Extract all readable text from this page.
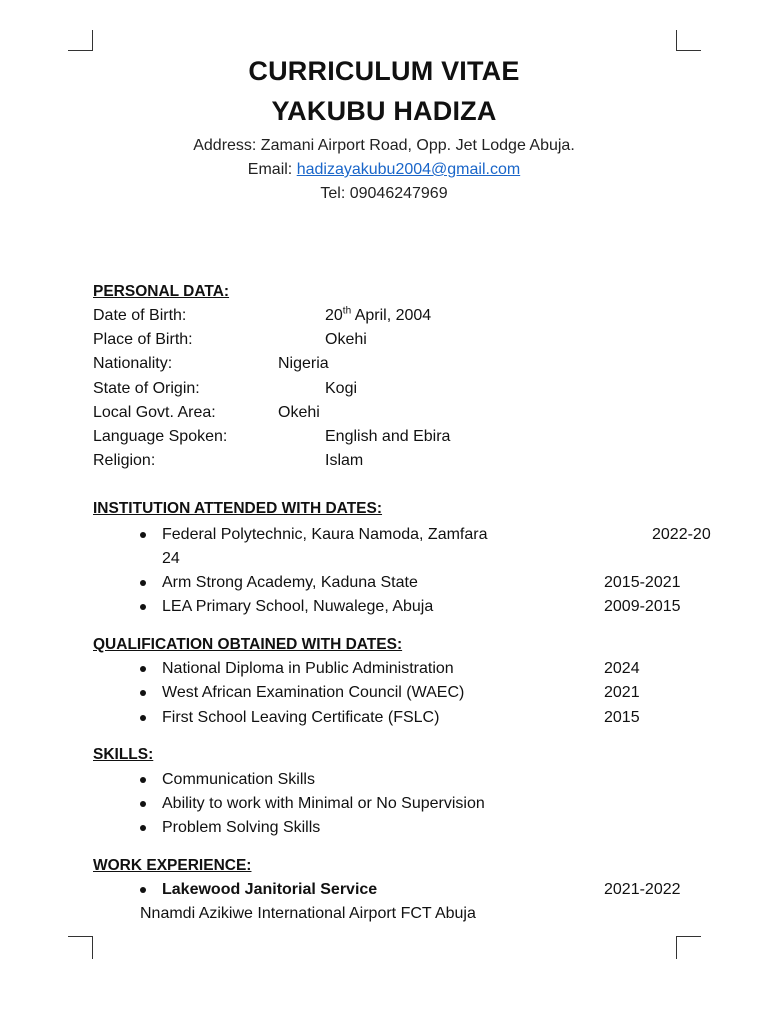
CURRICULUM VITAE
YAKUBU HADIZA
Address: Zamani Airport Road, Opp. Jet Lodge Abuja.
Email: hadizayakubu2004@gmail.com
Tel: 09046247969
PERSONAL DATA:
Date of Birth:	20th April, 2004
Place of Birth:	Okehi
Nationality:	Nigeria
State of Origin:	Kogi
Local Govt. Area:	Okehi
Language Spoken:	English and Ebira
Religion:	Islam
INSTITUTION ATTENDED WITH DATES:
Federal Polytechnic, Kaura Namoda, Zamfara	2022-20
24
Arm Strong Academy, Kaduna State	2015-2021
LEA Primary School, Nuwalege, Abuja	2009-2015
QUALIFICATION OBTAINED WITH DATES:
National Diploma in Public Administration	2024
West African Examination Council (WAEC)	2021
First School Leaving Certificate (FSLC)	2015
SKILLS:
Communication Skills
Ability to work with Minimal or No Supervision
Problem Solving Skills
WORK EXPERIENCE:
Lakewood Janitorial Service	2021-2022
Nnamdi Azikiwe International Airport FCT Abuja
